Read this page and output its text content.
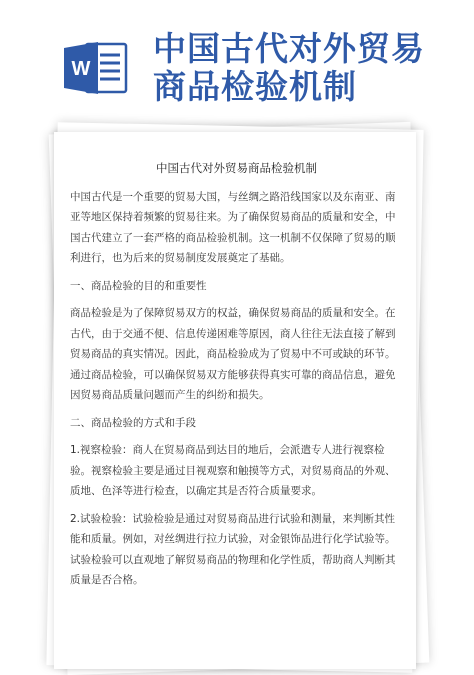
W
中国古代对外贸易
商品检验机制
中国古代对外贸易商品检验机制

中国古代是一个重要的贸易大国，与丝绸之路沿线国家以及东南亚、南亚等地区保持着频繁的贸易往来。为了确保贸易商品的质量和安全，中国古代建立了一套严格的商品检验机制。这一机制不仅保障了贸易的顺利进行，也为后来的贸易制度发展奠定了基础。

一、商品检验的目的和重要性

商品检验是为了保障贸易双方的权益，确保贸易商品的质量和安全。在古代，由于交通不便、信息传递困难等原因，商人往往无法直接了解到贸易商品的真实情况。因此，商品检验成为了贸易中不可或缺的环节。通过商品检验，可以确保贸易双方能够获得真实可靠的商品信息，避免因贸易商品质量问题而产生的纠纷和损失。

二、商品检验的方式和手段

1.视察检验：商人在贸易商品到达目的地后，会派遣专人进行视察检验。视察检验主要是通过目视观察和触摸等方式，对贸易商品的外观、质地、色泽等进行检查，以确定其是否符合质量要求。

2.试验检验：试验检验是通过对贸易商品进行试验和测量，来判断其性能和质量。例如，对丝绸进行拉力试验，对金银饰品进行化学试验等。试验检验可以直观地了解贸易商品的物理和化学性质，帮助商人判断其质量是否合格。
